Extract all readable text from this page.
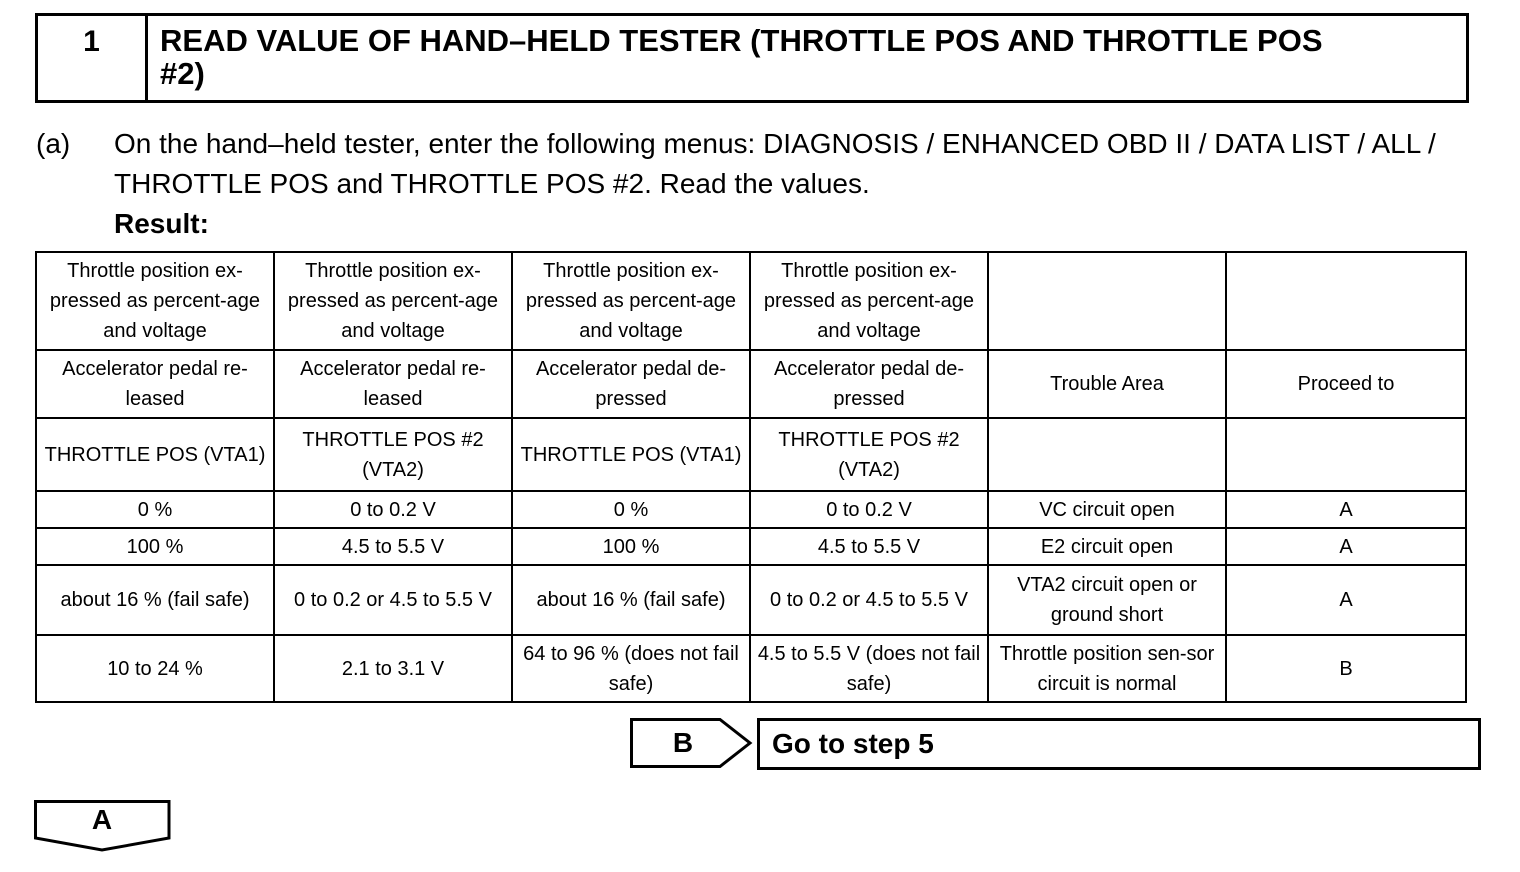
1	READ VALUE OF HAND–HELD TESTER (THROTTLE POS AND THROTTLE POS
#2)
(a) On the hand–held tester, enter the following menus: DIAGNOSIS / ENHANCED OBD II / DATA LIST / ALL / THROTTLE POS and THROTTLE POS #2. Read the values.
Result:
Throttle position ex-pressed as percent-age and voltage	Throttle position ex-pressed as percent-age and voltage	Throttle position ex-pressed as percent-age and voltage	Throttle position ex-pressed as percent-age and voltage		
Accelerator pedal re-leased	Accelerator pedal re-leased	Accelerator pedal de-pressed	Accelerator pedal de-pressed	Trouble Area	Proceed to
THROTTLE POS (VTA1)	THROTTLE POS #2 (VTA2)	THROTTLE POS (VTA1)	THROTTLE POS #2 (VTA2)		
0 %	0 to 0.2 V	0 %	0 to 0.2 V	VC circuit open	A
100 %	4.5 to 5.5 V	100 %	4.5 to 5.5 V	E2 circuit open	A
about 16 % (fail safe)	0 to 0.2 or 4.5 to 5.5 V	about 16 % (fail safe)	0 to 0.2 or 4.5 to 5.5 V	VTA2 circuit open or ground short	A
10 to 24 %	2.1 to 3.1 V	64 to 96 % (does not fail safe)	4.5 to 5.5 V (does not fail safe)	Throttle position sen-sor circuit is normal	B
B	Go to step 5
A
